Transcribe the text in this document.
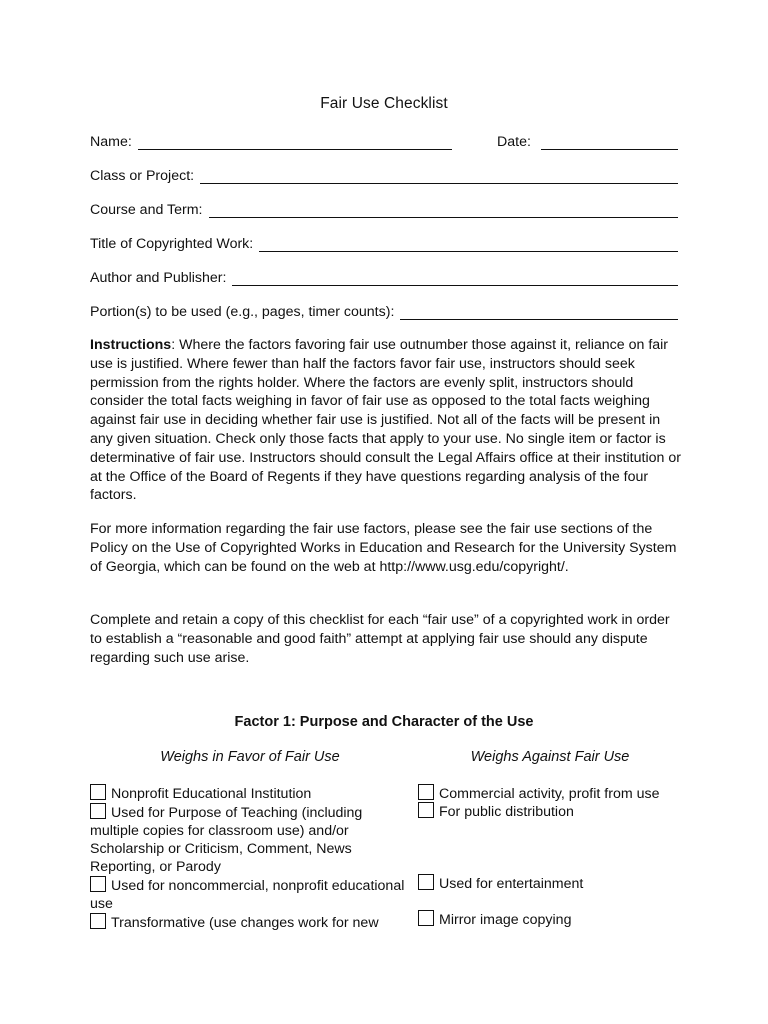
Fair Use Checklist
Name:	Date:
Class or Project:
Course and Term:
Title of Copyrighted Work:
Author and Publisher:
Portion(s) to be used (e.g., pages, timer counts):

Instructions: Where the factors favoring fair use outnumber those against it, reliance on fair use is justified. Where fewer than half the factors favor fair use, instructors should seek permission from the rights holder. Where the factors are evenly split, instructors should consider the total facts weighing in favor of fair use as opposed to the total facts weighing against fair use in deciding whether fair use is justified. Not all of the facts will be present in any given situation. Check only those facts that apply to your use. No single item or factor is determinative of fair use. Instructors should consult the Legal Affairs office at their institution or at the Office of the Board of Regents if they have questions regarding analysis of the four factors.

For more information regarding the fair use factors, please see the fair use sections of the Policy on the Use of Copyrighted Works in Education and Research for the University System of Georgia, which can be found on the web at http://www.usg.edu/copyright/.

Complete and retain a copy of this checklist for each “fair use” of a copyrighted work in order to establish a “reasonable and good faith” attempt at applying fair use should any dispute regarding such use arise.

Factor 1: Purpose and Character of the Use
Weighs in Favor of Fair Use	Weighs Against Fair Use

Nonprofit Educational Institution

Used for Purpose of Teaching (including multiple copies for classroom use) and/or Scholarship or Criticism, Comment, News Reporting, or Parody

Used for noncommercial, nonprofit educational use

Transformative (use changes work for new

Commercial activity, profit from use

For public distribution

Used for entertainment

Mirror image copying
